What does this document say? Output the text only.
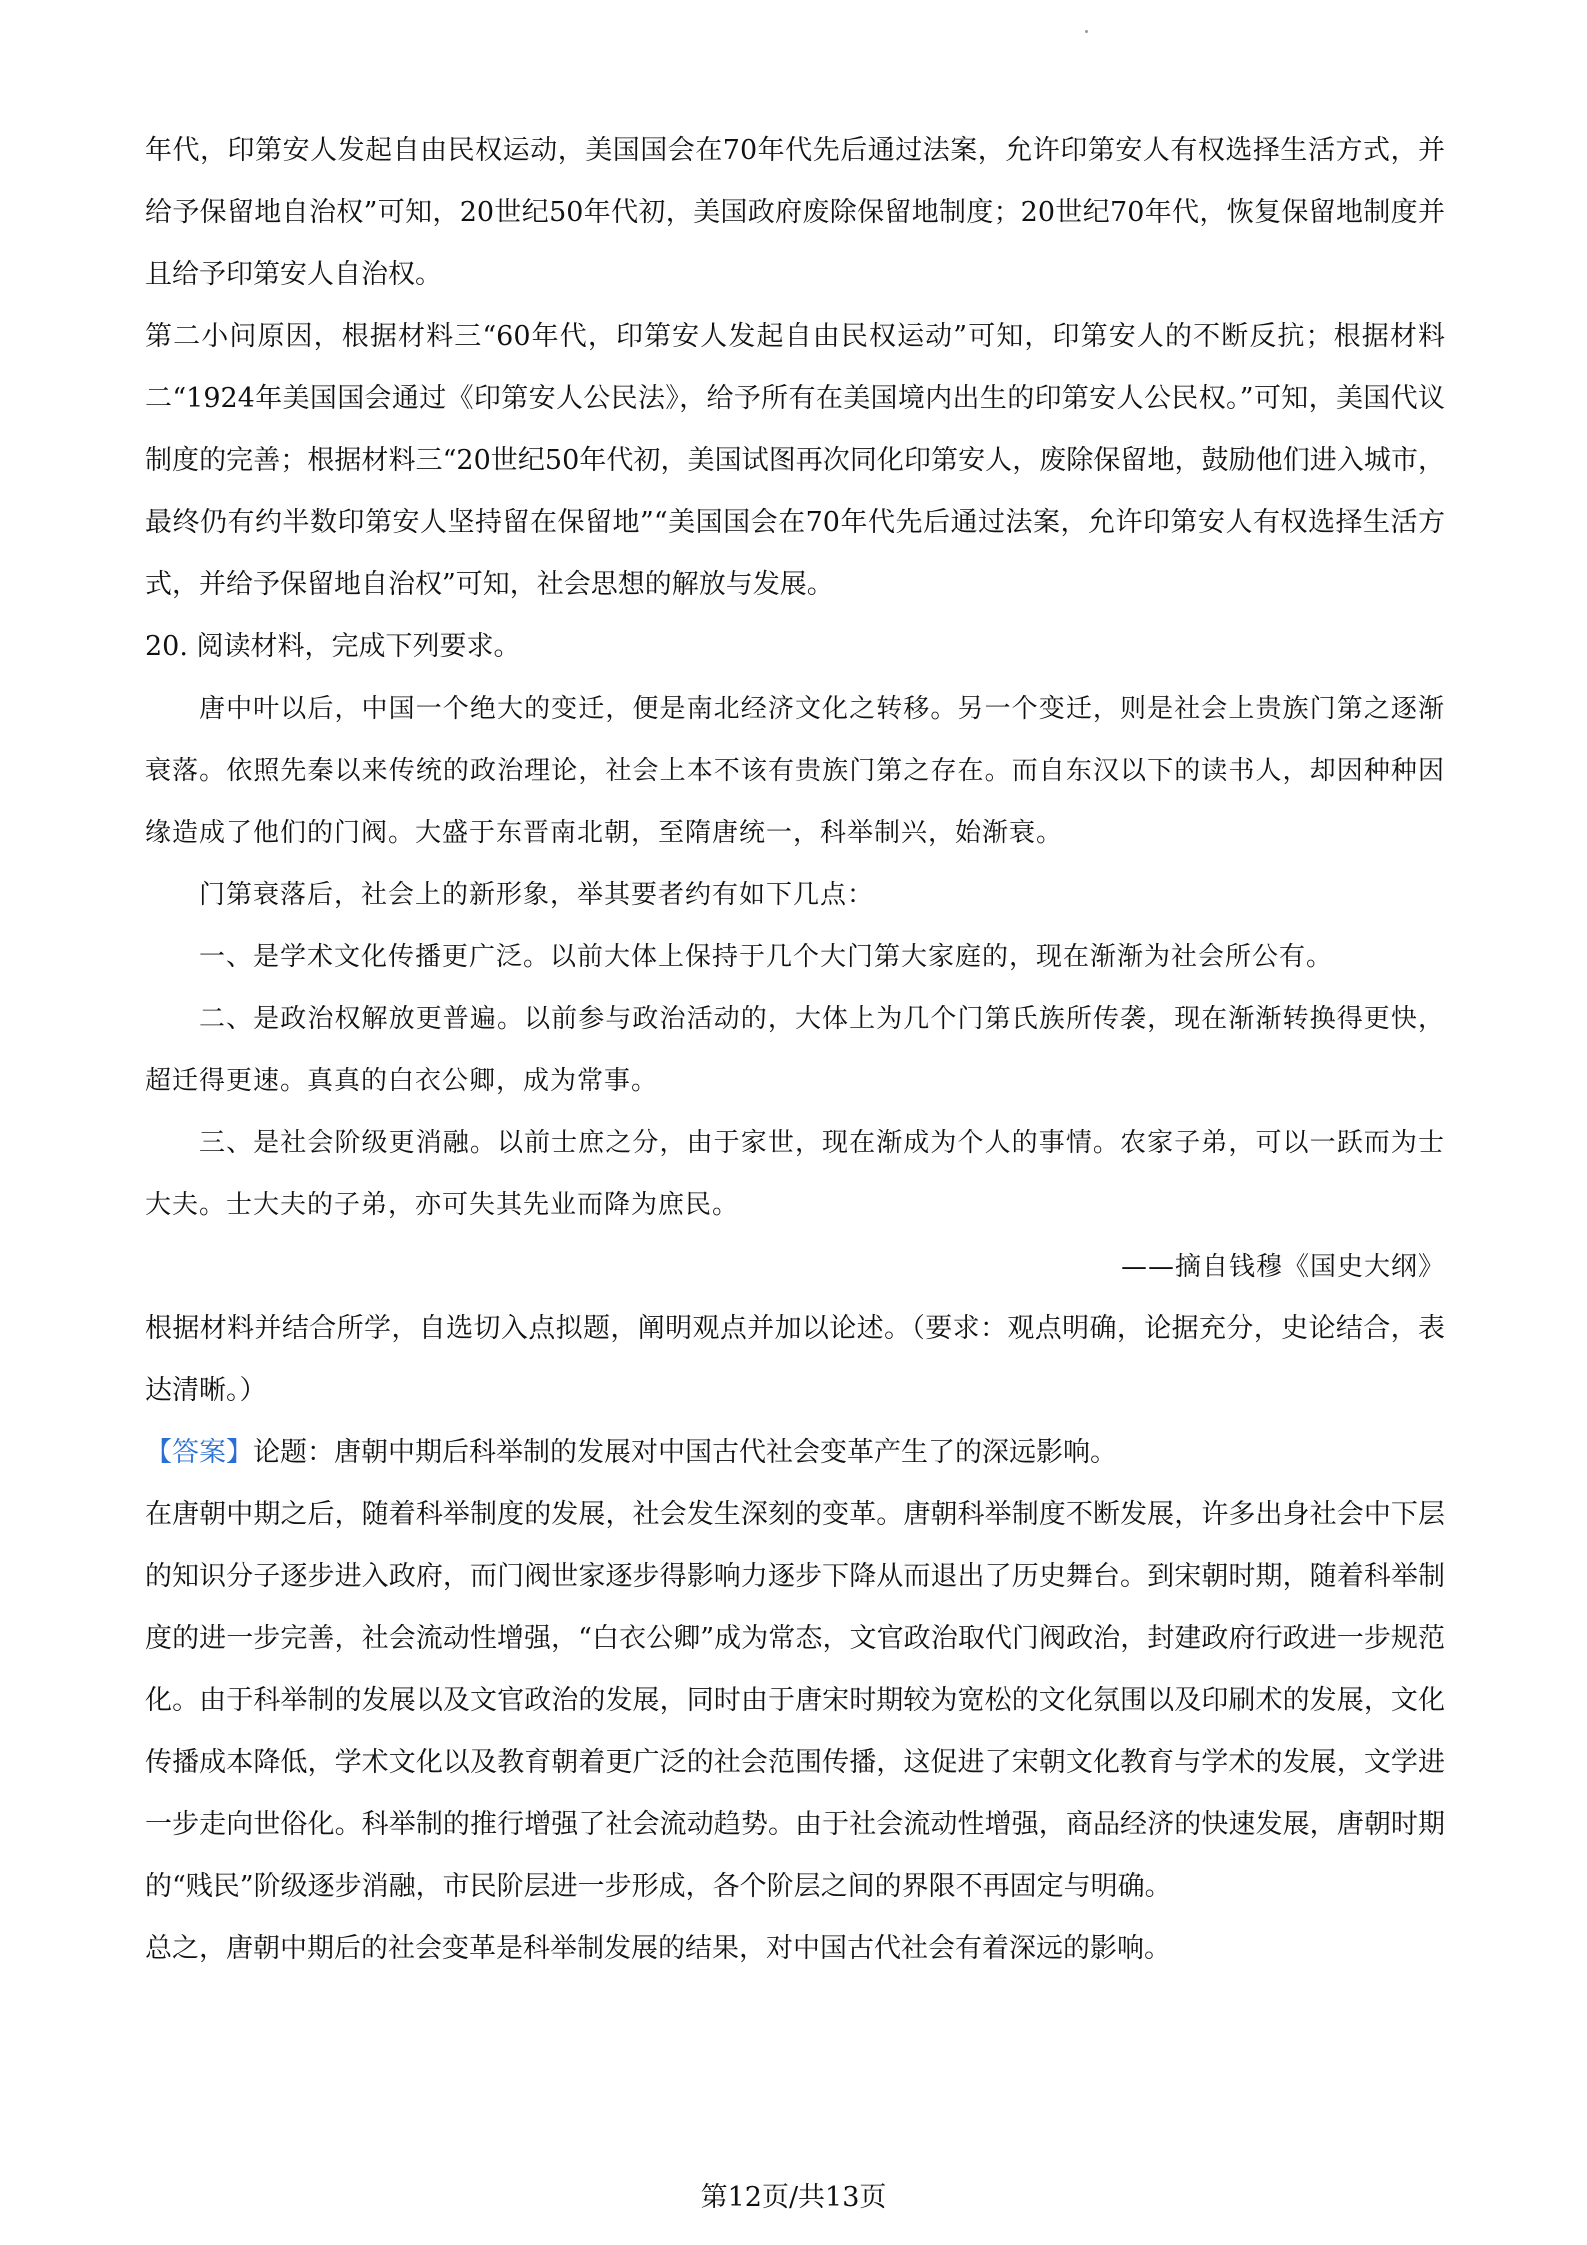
年代，印第安人发起自由民权运动，美国国会在70年代先后通过法案，允许印第安人有权选择生活方式，并给予保留地自治权”可知，20世纪50年代初，美国政府废除保留地制度；20世纪70年代，恢复保留地制度并且给予印第安人自治权。

第二小问原因，根据材料三“60年代，印第安人发起自由民权运动”可知，印第安人的不断反抗；根据材料二“1924年美国国会通过《印第安人公民法》，给予所有在美国境内出生的印第安人公民权。”可知，美国代议制度的完善；根据材料三“20世纪50年代初，美国试图再次同化印第安人，废除保留地，鼓励他们进入城市，最终仍有约半数印第安人坚持留在保留地”“美国国会在70年代先后通过法案，允许印第安人有权选择生活方式，并给予保留地自治权”可知，社会思想的解放与发展。

20. 阅读材料，完成下列要求。

唐中叶以后，中国一个绝大的变迁，便是南北经济文化之转移。另一个变迁，则是社会上贵族门第之逐渐衰落。依照先秦以来传统的政治理论，社会上本不该有贵族门第之存在。而自东汉以下的读书人，却因种种因缘造成了他们的门阀。大盛于东晋南北朝，至隋唐统一，科举制兴，始渐衰。

门第衰落后，社会上的新形象，举其要者约有如下几点：

一、是学术文化传播更广泛。以前大体上保持于几个大门第大家庭的，现在渐渐为社会所公有。

二、是政治权解放更普遍。以前参与政治活动的，大体上为几个门第氏族所传袭，现在渐渐转换得更快，超迁得更速。真真的白衣公卿，成为常事。

三、是社会阶级更消融。以前士庶之分，由于家世，现在渐成为个人的事情。农家子弟，可以一跃而为士大夫。士大夫的子弟，亦可失其先业而降为庶民。

——摘自钱穆《国史大纲》

根据材料并结合所学，自选切入点拟题，阐明观点并加以论述。（要求：观点明确，论据充分，史论结合，表达清晰。）

【答案】论题：唐朝中期后科举制的发展对中国古代社会变革产生了的深远影响。

在唐朝中期之后，随着科举制度的发展，社会发生深刻的变革。唐朝科举制度不断发展，许多出身社会中下层的知识分子逐步进入政府，而门阀世家逐步得影响力逐步下降从而退出了历史舞台。到宋朝时期，随着科举制度的进一步完善，社会流动性增强，“白衣公卿”成为常态，文官政治取代门阀政治，封建政府行政进一步规范化。由于科举制的发展以及文官政治的发展，同时由于唐宋时期较为宽松的文化氛围以及印刷术的发展，文化传播成本降低，学术文化以及教育朝着更广泛的社会范围传播，这促进了宋朝文化教育与学术的发展，文学进一步走向世俗化。科举制的推行增强了社会流动趋势。由于社会流动性增强，商品经济的快速发展，唐朝时期的“贱民”阶级逐步消融，市民阶层进一步形成，各个阶层之间的界限不再固定与明确。

总之，唐朝中期后的社会变革是科举制发展的结果，对中国古代社会有着深远的影响。

第12页/共13页
